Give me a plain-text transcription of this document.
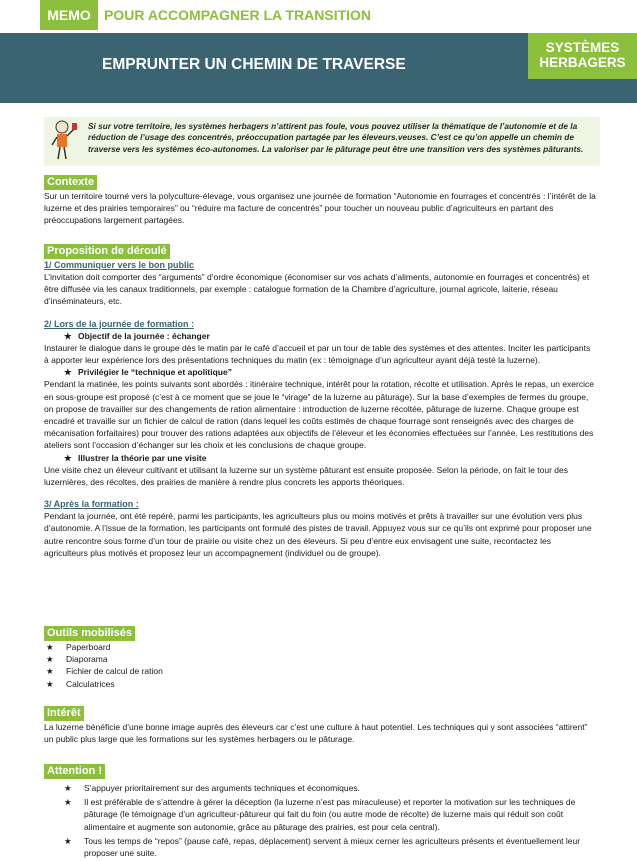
MEMO POUR ACCOMPAGNER LA TRANSITION
EMPRUNTER UN CHEMIN DE TRAVERSE
SYSTÈMES
HERBAGERS
Si sur votre territoire, les systèmes herbagers n’attirent pas foule, vous pouvez utiliser la thématique de l’autonomie et de la réduction de l’usage des concentrés, préoccupation partagée par les éleveurs.veuses. C’est ce qu’on appelle un chemin de traverse vers les systèmes éco-autonomes. La valoriser par le pâturage peut être une transition vers des systèmes pâturants.
Contexte

Sur un territoire tourné vers la polyculture-élevage, vous organisez une journée de formation “Autonomie en fourrages et concentrés : l’intérêt de la luzerne et des prairies temporaires” ou “réduire ma facture de concentrés” pour toucher un nouveau public d’agriculteurs en partant des préoccupations largement partagées.

Proposition de déroulé
1/ Communiquer vers le bon public

L’invitation doit comporter des “arguments” d’ordre économique (économiser sur vos achats d’aliments, autonomie en fourrages et concentrés) et être diffusée via les canaux traditionnels, par exemple : catalogue formation de la Chambre d’agriculture, journal agricole, laiterie, réseau d’inséminateurs, etc.

2/ Lors de la journée de formation :

★ Objectif de la journée : échanger

Instaurer le dialogue dans le groupe dès le matin par le café d’accueil et par un tour de table des systèmes et des attentes. Inciter les participants à apporter leur expérience lors des présentations techniques du matin (ex : témoignage d’un agriculteur ayant déjà testé la luzerne).

★ Privilégier le “technique et apolitique”

Pendant la matinée, les points suivants sont abordés : itinéraire technique, intérêt pour la rotation, récolte et utilisation. Après le repas, un exercice en sous-groupe est proposé (c’est à ce moment que se joue le “virage” de la luzerne au pâturage). Sur la base d’exemples de fermes du groupe, on propose de travailler sur des changements de ration alimentaire : introduction de luzerne récoltée, pâturage de luzerne. Chaque groupe est encadré et travaille sur un fichier de calcul de ration (dans lequel les coûts estimés de chaque fourrage sont renseignés avec des charges de mécanisation forfaitaires) pour trouver des rations adaptées aux objectifs de l’éleveur et les économies effectuées sur l’année. Les restitutions des ateliers sont l’occasion d’échanger sur les choix et les conclusions de chaque groupe.

★ Illustrer la théorie par une visite

Une visite chez un éleveur cultivant et utilisant la luzerne sur un système pâturant est ensuite proposée. Selon la période, on fait le tour des luzernières, des récoltes, des prairies de manière à rendre plus concrets les apports théoriques.

3/ Après la formation :

Pendant la journée, ont été repéré, parmi les participants, les agriculteurs plus ou moins motivés et prêts à travailler sur une évolution vers plus d’autonomie. A l’issue de la formation, les participants ont formulé des pistes de travail. Appuyez vous sur ce qu’ils ont exprimé pour proposer une autre rencontre sous forme d’un tour de prairie ou visite chez un des éleveurs. Si peu d’entre eux envisagent une suite, recontactez les agriculteurs plus motivés et proposez leur un accompagnement (individuel ou de groupe).

Outils mobilisés
★ Paperboard
★ Diaporama
★ Fichier de calcul de ration
★ Calculatrices
Intérêt

La luzerne bénéficie d’une bonne image auprès des éleveurs car c’est une culture à haut potentiel. Les techniques qui y sont associées “attirent” un public plus large que les formations sur les systèmes herbagers ou le pâturage.

Attention !
★ S’appuyer prioritairement sur des arguments techniques et économiques.
★ Il est préférable de s’attendre à gérer la déception (la luzerne n’est pas miraculeuse) et reporter la motivation sur les techniques de pâturage (le témoignage d’un agriculteur-pâtureur qui fait du foin (ou autre mode de récolte) de luzerne mais qui réduit son coût alimentaire et augmente son autonomie, grâce au pâturage des prairies, est pour cela central).
★ Tous les temps de “repos” (pause café, repas, déplacement) servent à mieux cerner les agriculteurs présents et éventuellement leur proposer une suite.
